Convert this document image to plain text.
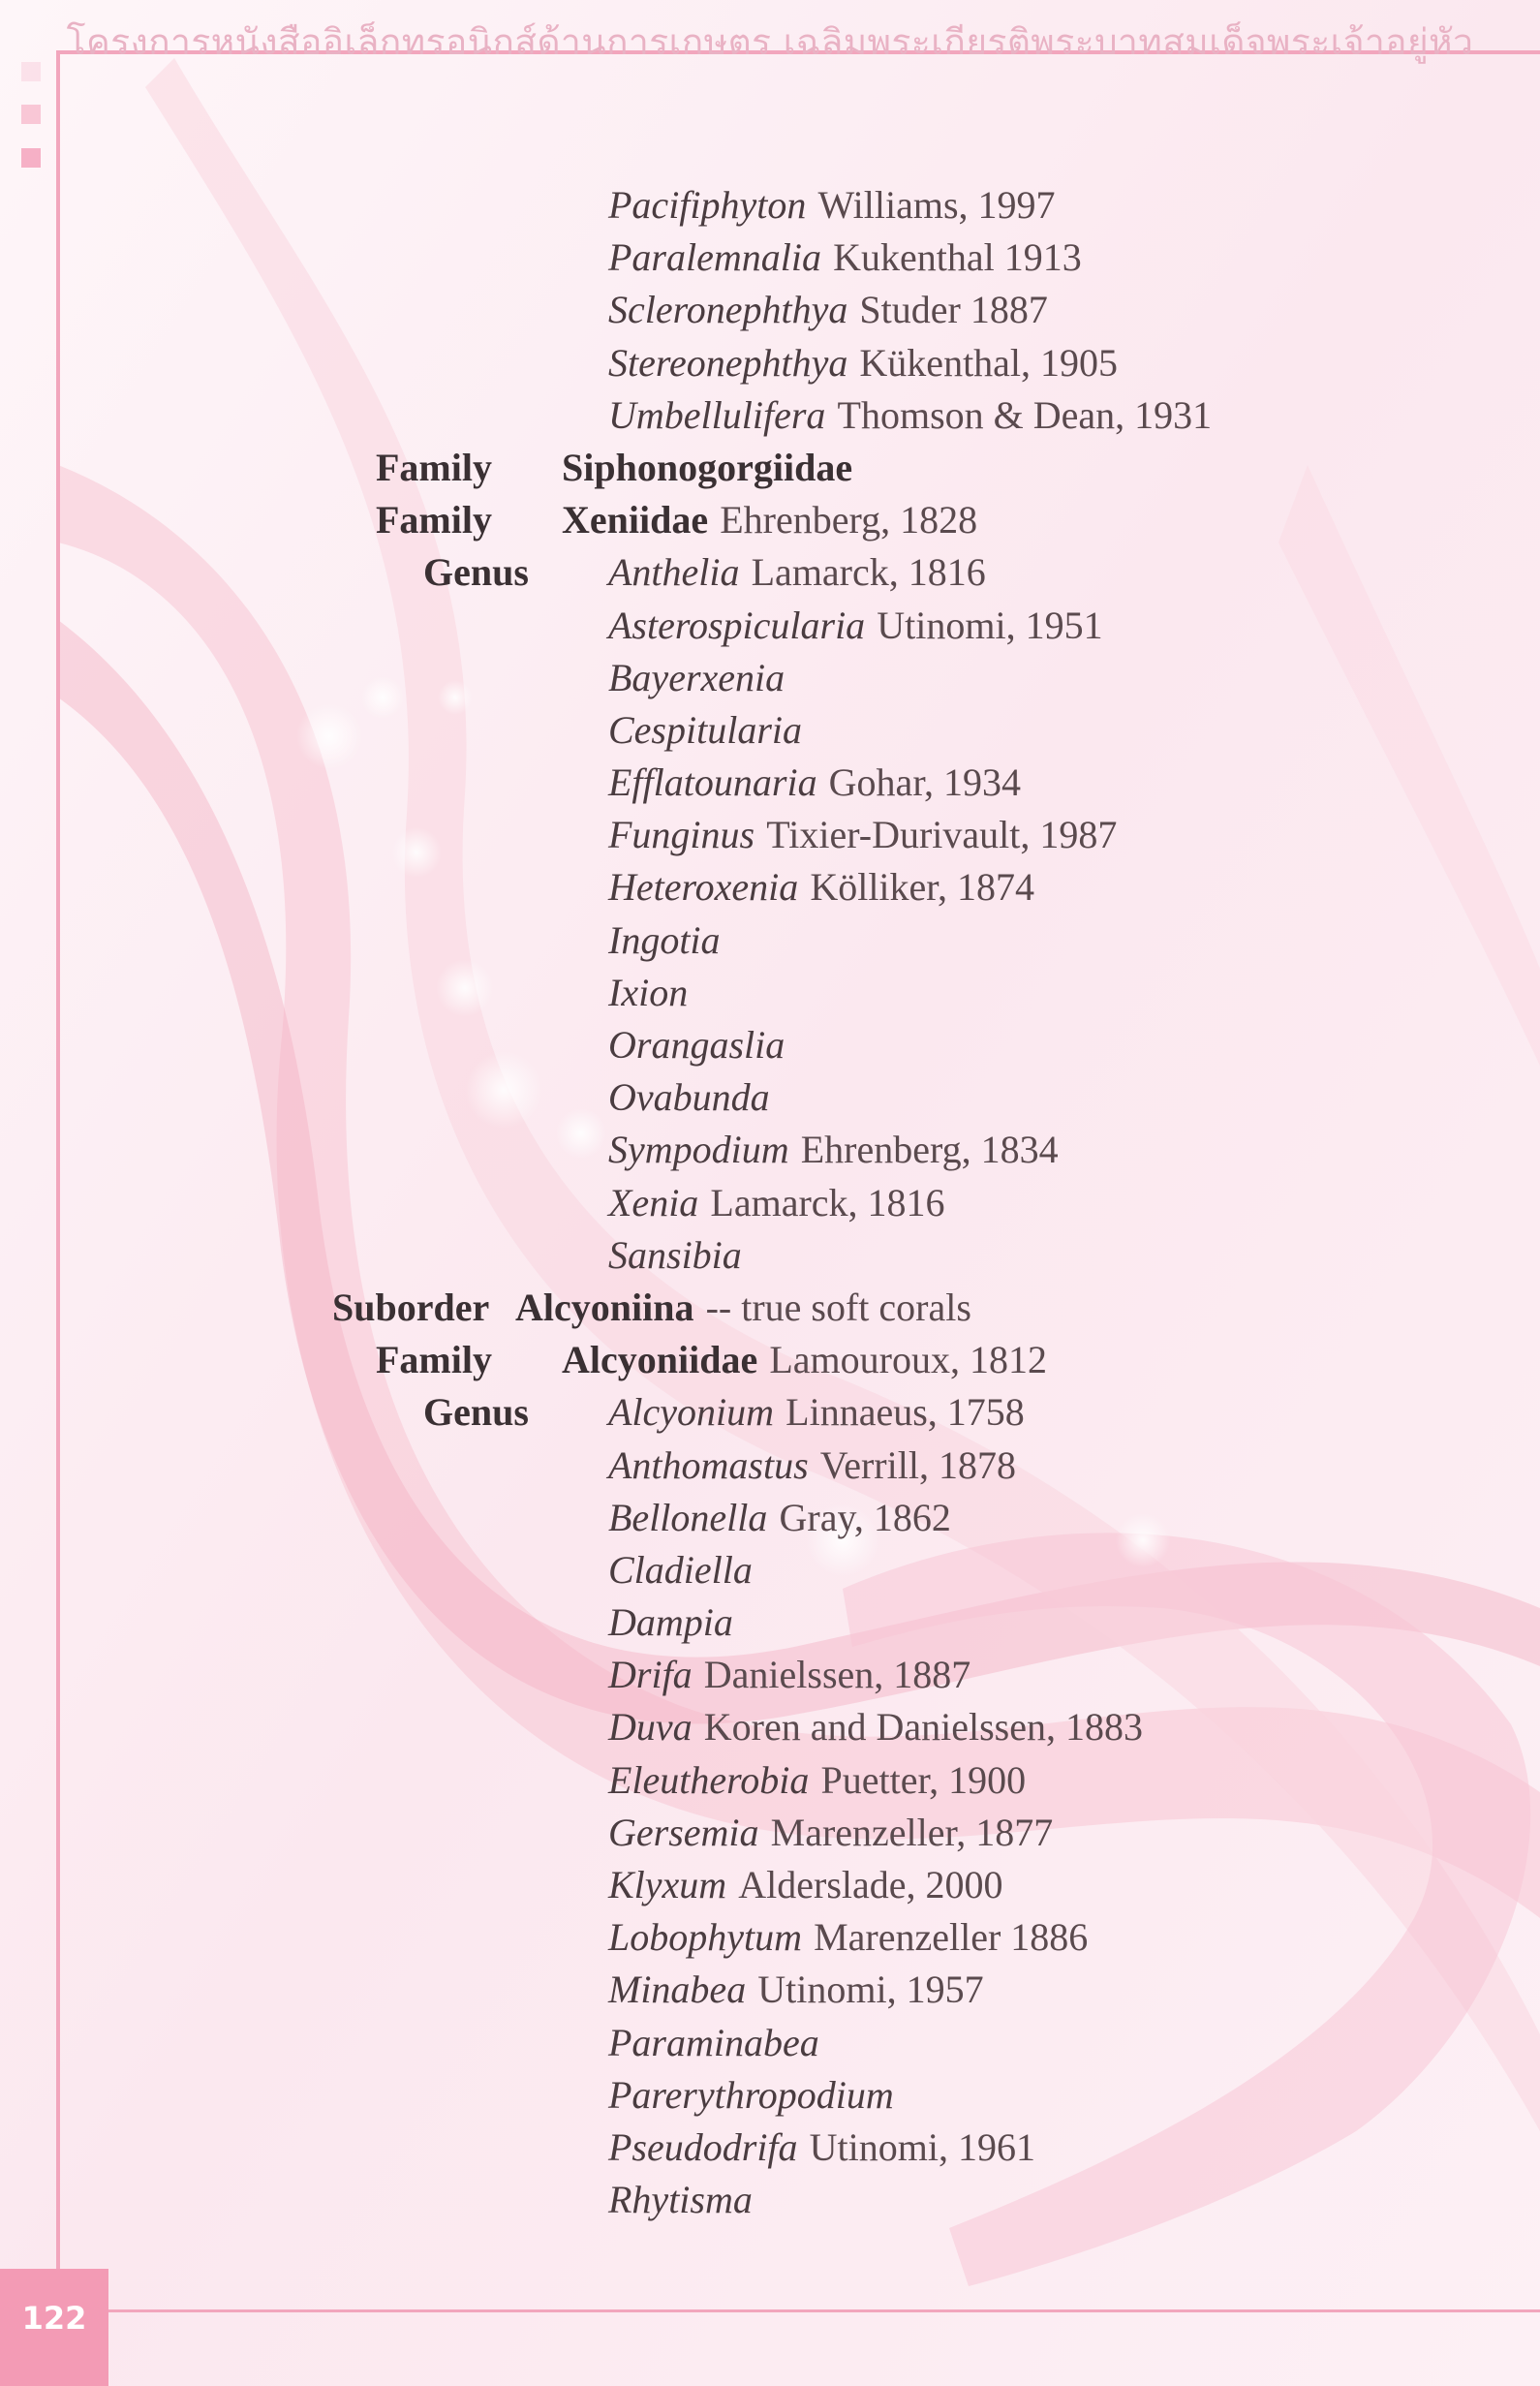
โครงการหนังสืออิเล็กทรอนิกส์ด้านการเกษตร เฉลิมพระเกียรติพระบาทสมเด็จพระเจ้าอยู่หัว
122
Pacifiphyton Williams, 1997
Paralemnalia Kukenthal 1913
Scleronephthya Studer 1887
Stereonephthya Kükenthal, 1905
Umbellulifera Thomson & Dean, 1931
Family Siphonogorgiidae
Family Xeniidae Ehrenberg, 1828
Genus Anthelia Lamarck, 1816
Asterospicularia Utinomi, 1951
Bayerxenia
Cespitularia
Efflatounaria Gohar, 1934
Funginus Tixier-Durivault, 1987
Heteroxenia Kölliker, 1874
Ingotia
Ixion
Orangaslia
Ovabunda
Sympodium Ehrenberg, 1834
Xenia Lamarck, 1816
Sansibia
Suborder Alcyoniina -- true soft corals
Family Alcyoniidae Lamouroux, 1812
Genus Alcyonium Linnaeus, 1758
Anthomastus Verrill, 1878
Bellonella Gray, 1862
Cladiella
Dampia
Drifa Danielssen, 1887
Duva Koren and Danielssen, 1883
Eleutherobia Puetter, 1900
Gersemia Marenzeller, 1877
Klyxum Alderslade, 2000
Lobophytum Marenzeller 1886
Minabea Utinomi, 1957
Paraminabea
Parerythropodium
Pseudodrifa Utinomi, 1961
Rhytisma
